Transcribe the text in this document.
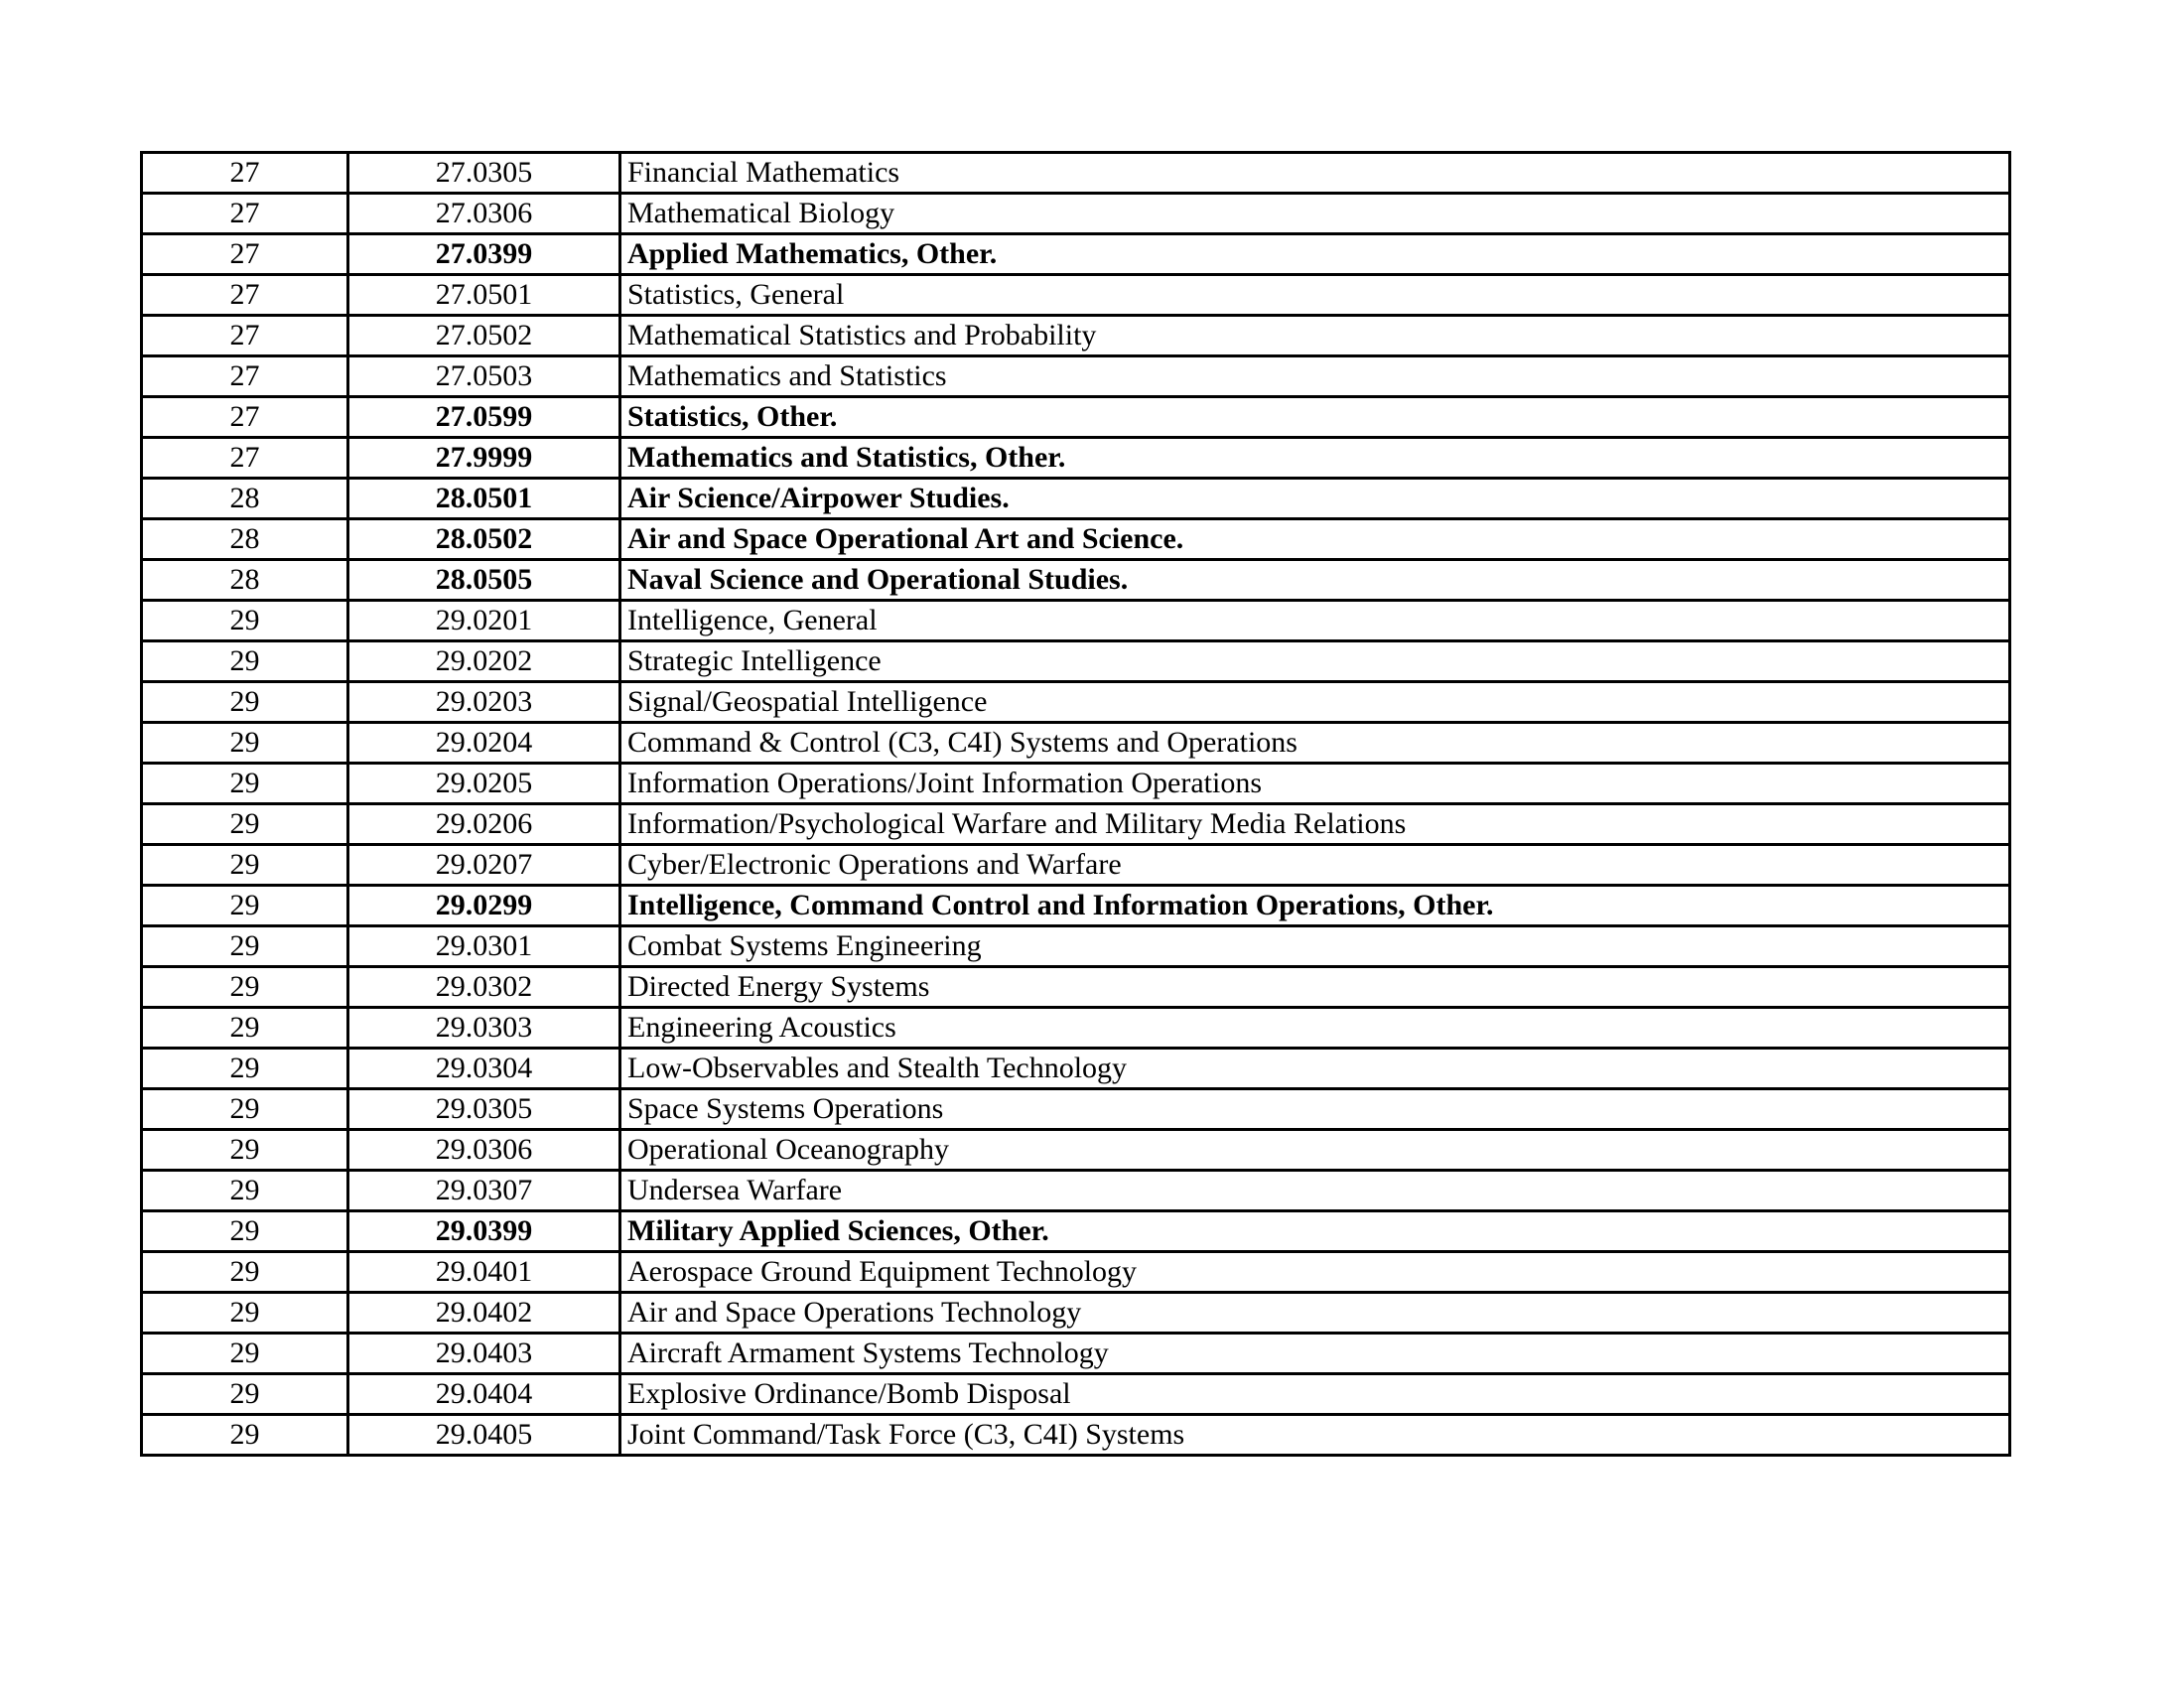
27	27.0305	Financial Mathematics
27	27.0306	Mathematical Biology
27	27.0399	Applied Mathematics, Other.
27	27.0501	Statistics, General
27	27.0502	Mathematical Statistics and Probability
27	27.0503	Mathematics and Statistics
27	27.0599	Statistics, Other.
27	27.9999	Mathematics and Statistics, Other.
28	28.0501	Air Science/Airpower Studies.
28	28.0502	Air and Space Operational Art and Science.
28	28.0505	Naval Science and Operational Studies.
29	29.0201	Intelligence, General
29	29.0202	Strategic Intelligence
29	29.0203	Signal/Geospatial Intelligence
29	29.0204	Command & Control (C3, C4I) Systems and Operations
29	29.0205	Information Operations/Joint Information Operations
29	29.0206	Information/Psychological Warfare and Military Media Relations
29	29.0207	Cyber/Electronic Operations and Warfare
29	29.0299	Intelligence, Command Control and Information Operations, Other.
29	29.0301	Combat Systems Engineering
29	29.0302	Directed Energy Systems
29	29.0303	Engineering Acoustics
29	29.0304	Low-Observables and Stealth Technology
29	29.0305	Space Systems Operations
29	29.0306	Operational Oceanography
29	29.0307	Undersea Warfare
29	29.0399	Military Applied Sciences, Other.
29	29.0401	Aerospace Ground Equipment Technology
29	29.0402	Air and Space Operations Technology
29	29.0403	Aircraft Armament Systems Technology
29	29.0404	Explosive Ordinance/Bomb Disposal
29	29.0405	Joint Command/Task Force (C3, C4I) Systems
